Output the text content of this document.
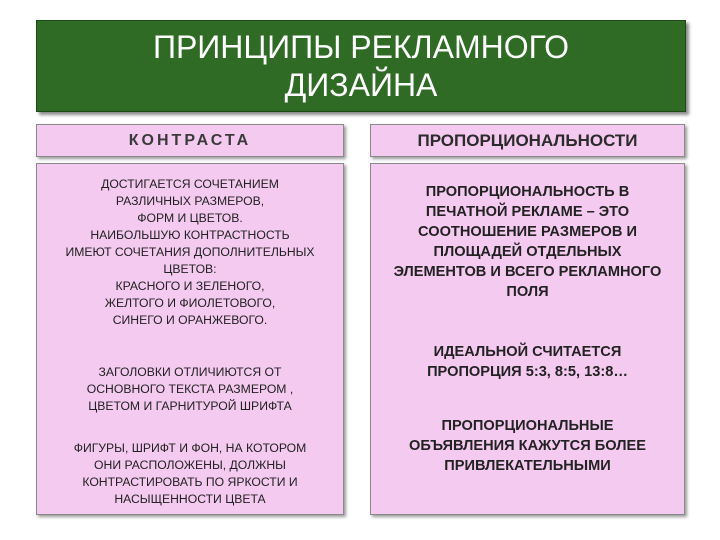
ПРИНЦИПЫ РЕКЛАМНОГО
ДИЗАЙНА
КОНТРАСТА	ПРОПОРЦИОНАЛЬНОСТИ
ДОСТИГАЕТСЯ СОЧЕТАНИЕМ
РАЗЛИЧНЫХ РАЗМЕРОВ,
ФОРМ И ЦВЕТОВ.
НАИБОЛЬШУЮ КОНТРАСТНОСТЬ
ИМЕЮТ СОЧЕТАНИЯ ДОПОЛНИТЕЛЬНЫХ
ЦВЕТОВ:
КРАСНОГО И ЗЕЛЕНОГО,
ЖЕЛТОГО И ФИОЛЕТОВОГО,
СИНЕГО И ОРАНЖЕВОГО.
ЗАГОЛОВКИ ОТЛИЧИЮТСЯ ОТ
ОСНОВНОГО ТЕКСТА РАЗМЕРОМ ,
ЦВЕТОМ И ГАРНИТУРОЙ ШРИФТА
ФИГУРЫ, ШРИФТ И ФОН, НА КОТОРОМ
ОНИ РАСПОЛОЖЕНЫ, ДОЛЖНЫ
КОНТРАСТИРОВАТЬ ПО ЯРКОСТИ И
НАСЫЩЕННОСТИ ЦВЕТА
ПРОПОРЦИОНАЛЬНОСТЬ В
ПЕЧАТНОЙ РЕКЛАМЕ – ЭТО
СООТНОШЕНИЕ РАЗМЕРОВ И
ПЛОЩАДЕЙ ОТДЕЛЬНЫХ
ЭЛЕМЕНТОВ И ВСЕГО РЕКЛАМНОГО
ПОЛЯ
ИДЕАЛЬНОЙ СЧИТАЕТСЯ
ПРОПОРЦИЯ 5:3, 8:5, 13:8…
ПРОПОРЦИОНАЛЬНЫЕ
ОБЪЯВЛЕНИЯ КАЖУТСЯ БОЛЕЕ
ПРИВЛЕКАТЕЛЬНЫМИ
